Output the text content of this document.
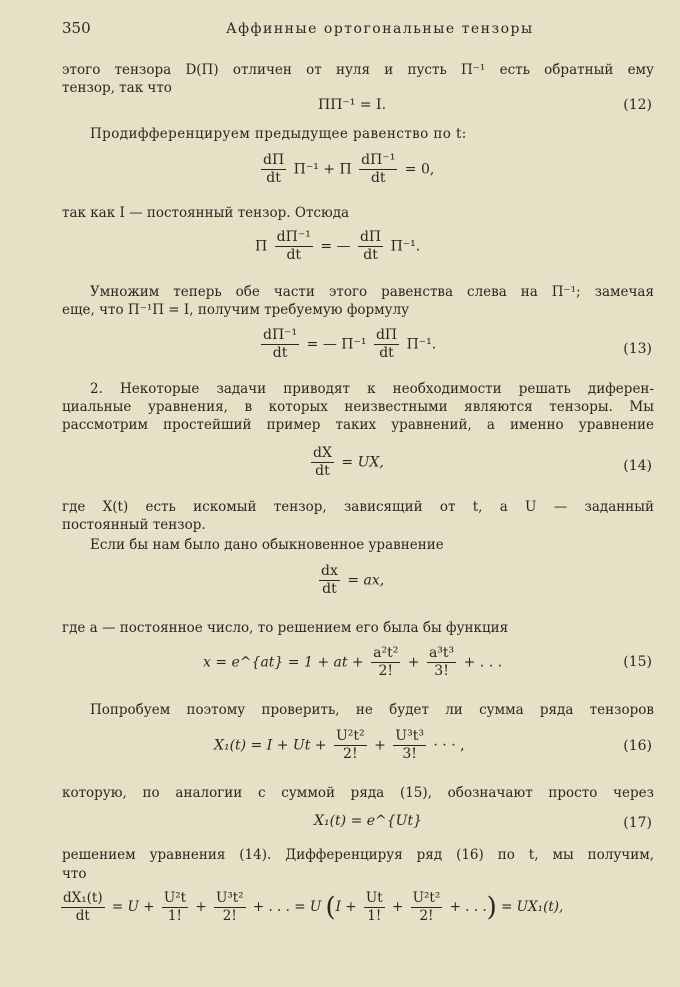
350	Аффинные ортогональные тензоры
этого тензора D(П) отличен от нуля и пусть П⁻¹ есть обратный ему
тензор, так что
ПП⁻¹ = I.	(12)
Продифференцируем предыдущее равенство по t:
$\frac{dП}{dt} П^{-1} + П \frac{\text{dП⁻¹}}{dt} = 0$,
так как I — постоянный тензор. Отсюда
П $\frac{\text{dП⁻¹}}{dt}$ = — $\frac{dП}{dt} П^{-1}$.
Умножим теперь обе части этого равенства слева на П⁻¹; замечая
еще, что П⁻¹П = I, получим требуемую формулу
$\frac{\text{dП⁻¹}}{dt}$ = — $П^{-1} \frac{dП}{dt} П^{-1}$.	(13)
2. Некоторые задачи приводят к необходимости решать диферен-
циальные уравнения, в которых неизвестными являются тензоры. Мы
рассмотрим простейший пример таких уравнений, а именно уравнение
$\frac{dX}{dt}$ = UX,	(14)
где X(t) есть искомый тензор, зависящий от t, а U — заданный
постоянный тензор.
Если бы нам было дано обыкновенное уравнение
$\frac{dx}{dt}$ = ax,
где a — постоянное число, то решением его была бы функция
x = e^{at} = 1 + at + $\frac{\text{a²t²}}{2!} + \frac{\text{a³t³}}{3!}$ + . . .	(15)
Попробуем поэтому проверить, не будет ли сумма ряда тензоров
$X_1(t) = I + Ut + \frac{\text{U²t²}}{2!} + \frac{\text{U³t³}}{3!}$ · · · ,	(16)
которую, по аналогии с суммой ряда (15), обозначают просто через
X₁(t) = e^{Ut}	(17)
решением уравнения (14). Дифференцируя ряд (16) по t, мы получим,
что
$\frac{\text{dX₁(t)}}{dt} = U + \frac{\text{U²t}}{1!} + \frac{\text{U³t²}}{2!}$ + . . . = U ($I + \frac{Ut}{1!} + \frac{\text{U²t²}}{2!}$ + . . .) = UX₁(t),
